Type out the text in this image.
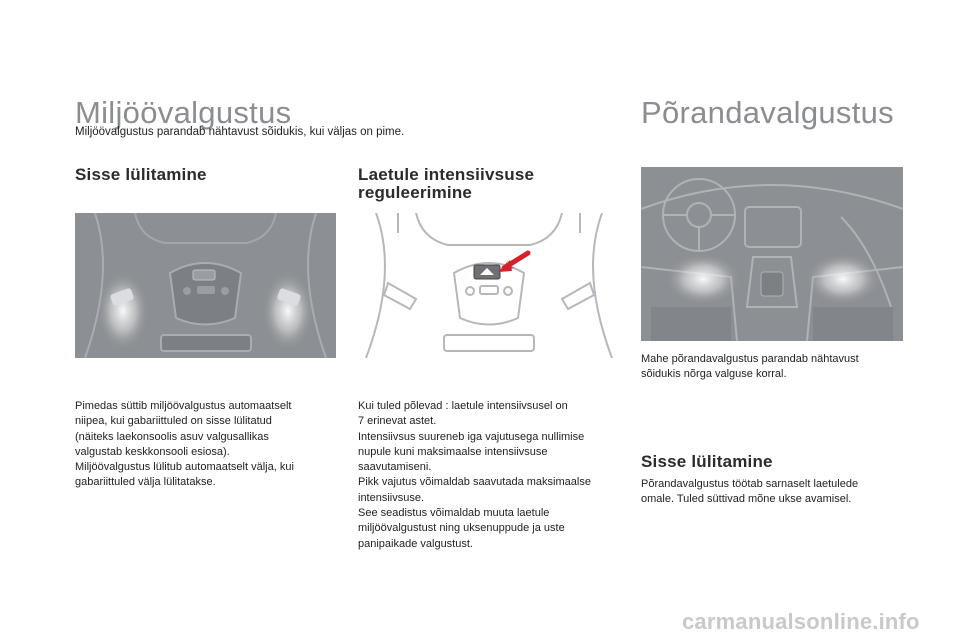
Miljöövalgustus
Miljöövalgustus parandab nähtavust sõidukis, kui väljas on pime.
Sisse lülitamine
Pimedas süttib miljöövalgustus automaatselt
niipea, kui gabariittuled on sisse lülitatud
(näiteks laekonsoolis asuv valgusallikas
valgustab keskkonsooli esiosa).
Miljöövalgustus lülitub automaatselt välja, kui
gabariittuled välja lülitatakse.
Laetule intensiivsuse
reguleerimine
Kui tuled põlevad : laetule intensiivsusel on
7 erinevat astet.
Intensiivsus suureneb iga vajutusega nullimise
nupule kuni maksimaalse intensiivsuse
saavutamiseni.
Pikk vajutus võimaldab saavutada maksimaalse
intensiivsuse.
See seadistus võimaldab muuta laetule
miljöövalgustust ning uksenuppude ja uste
panipaikade valgustust.
Põrandavalgustus
Mahe põrandavalgustus parandab nähtavust
sõidukis nõrga valguse korral.
Sisse lülitamine
Põrandavalgustus töötab sarnaselt laetulede
omale. Tuled süttivad mõne ukse avamisel.
carmanualsonline.info
